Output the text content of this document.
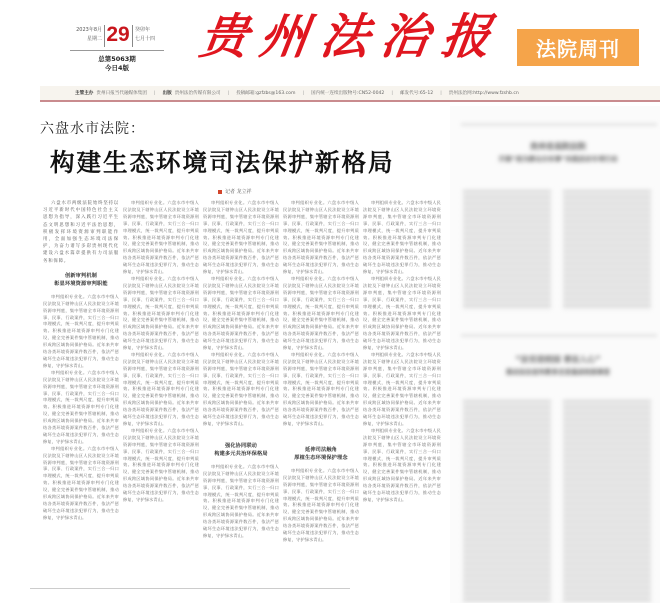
2023年8月
星期二 29 癸卯年
七月十四
总第5063期
今日4版
贵 州 法 治 报	法院周刊
主管主办 贵州日报当代融媒体集团 | 出版 贵州法治传媒有限公司 | 投稿邮箱:gzfzbs@163.com | 国内统一连续出版物号:CN52-0042 | 邮发代号:65-12 | 贵州法治网:http://www.fzshb.cn
六盘水市法院：
构建生态环境司法保护新格局
记者 龙立祥

六盘水市两级法院始终坚持以习近平新时代中国特色社会主义思想为指导，深入践行习近平生态文明思想和习近平法治思想，积极发挥环境资源审判职能作用，全面加强生态环境司法保护，为奋力谱写多彩贵州现代化建设六盘水篇章提供有力司法服务和保障。

创新审判机制
彰显环境资源审判职能

审判组织专业化。六盘水市中级人民法院及下辖钟山区人民法院设立环境资源审判庭，集中管辖全市环境资源刑事、民事、行政案件，实行三合一归口审理模式，统一裁判尺度，提升审判质效。积极推进环境资源审判专门化建设，健全完善案件集中管辖机制，推动形成跨区域协同保护格局。近年来共审结各类环境资源案件数百件，依法严惩破坏生态环境违法犯罪行为，推动生态修复，守护绿水青山。

审判组织专业化。六盘水市中级人民法院及下辖钟山区人民法院设立环境资源审判庭，集中管辖全市环境资源刑事、民事、行政案件，实行三合一归口审理模式，统一裁判尺度，提升审判质效。积极推进环境资源审判专门化建设，健全完善案件集中管辖机制，推动形成跨区域协同保护格局。近年来共审结各类环境资源案件数百件，依法严惩破坏生态环境违法犯罪行为，推动生态修复，守护绿水青山。

审判组织专业化。六盘水市中级人民法院及下辖钟山区人民法院设立环境资源审判庭，集中管辖全市环境资源刑事、民事、行政案件，实行三合一归口审理模式，统一裁判尺度，提升审判质效。积极推进环境资源审判专门化建设，健全完善案件集中管辖机制，推动形成跨区域协同保护格局。近年来共审结各类环境资源案件数百件，依法严惩破坏生态环境违法犯罪行为，推动生态修复，守护绿水青山。

审判组织专业化。六盘水市中级人民法院及下辖钟山区人民法院设立环境资源审判庭，集中管辖全市环境资源刑事、民事、行政案件，实行三合一归口审理模式，统一裁判尺度，提升审判质效。积极推进环境资源审判专门化建设，健全完善案件集中管辖机制，推动形成跨区域协同保护格局。近年来共审结各类环境资源案件数百件，依法严惩破坏生态环境违法犯罪行为，推动生态修复，守护绿水青山。

审判组织专业化。六盘水市中级人民法院及下辖钟山区人民法院设立环境资源审判庭，集中管辖全市环境资源刑事、民事、行政案件，实行三合一归口审理模式，统一裁判尺度，提升审判质效。积极推进环境资源审判专门化建设，健全完善案件集中管辖机制，推动形成跨区域协同保护格局。近年来共审结各类环境资源案件数百件，依法严惩破坏生态环境违法犯罪行为，推动生态修复，守护绿水青山。

审判组织专业化。六盘水市中级人民法院及下辖钟山区人民法院设立环境资源审判庭，集中管辖全市环境资源刑事、民事、行政案件，实行三合一归口审理模式，统一裁判尺度，提升审判质效。积极推进环境资源审判专门化建设，健全完善案件集中管辖机制，推动形成跨区域协同保护格局。近年来共审结各类环境资源案件数百件，依法严惩破坏生态环境违法犯罪行为，推动生态修复，守护绿水青山。

审判组织专业化。六盘水市中级人民法院及下辖钟山区人民法院设立环境资源审判庭，集中管辖全市环境资源刑事、民事、行政案件，实行三合一归口审理模式，统一裁判尺度，提升审判质效。积极推进环境资源审判专门化建设，健全完善案件集中管辖机制，推动形成跨区域协同保护格局。近年来共审结各类环境资源案件数百件，依法严惩破坏生态环境违法犯罪行为，推动生态修复，守护绿水青山。

审判组织专业化。六盘水市中级人民法院及下辖钟山区人民法院设立环境资源审判庭，集中管辖全市环境资源刑事、民事、行政案件，实行三合一归口审理模式，统一裁判尺度，提升审判质效。积极推进环境资源审判专门化建设，健全完善案件集中管辖机制，推动形成跨区域协同保护格局。近年来共审结各类环境资源案件数百件，依法严惩破坏生态环境违法犯罪行为，推动生态修复，守护绿水青山。

审判组织专业化。六盘水市中级人民法院及下辖钟山区人民法院设立环境资源审判庭，集中管辖全市环境资源刑事、民事、行政案件，实行三合一归口审理模式，统一裁判尺度，提升审判质效。积极推进环境资源审判专门化建设，健全完善案件集中管辖机制，推动形成跨区域协同保护格局。近年来共审结各类环境资源案件数百件，依法严惩破坏生态环境违法犯罪行为，推动生态修复，守护绿水青山。

审判组织专业化。六盘水市中级人民法院及下辖钟山区人民法院设立环境资源审判庭，集中管辖全市环境资源刑事、民事、行政案件，实行三合一归口审理模式，统一裁判尺度，提升审判质效。积极推进环境资源审判专门化建设，健全完善案件集中管辖机制，推动形成跨区域协同保护格局。近年来共审结各类环境资源案件数百件，依法严惩破坏生态环境违法犯罪行为，推动生态修复，守护绿水青山。

强化协同联动
构建多元共治环保格局

审判组织专业化。六盘水市中级人民法院及下辖钟山区人民法院设立环境资源审判庭，集中管辖全市环境资源刑事、民事、行政案件，实行三合一归口审理模式，统一裁判尺度，提升审判质效。积极推进环境资源审判专门化建设，健全完善案件集中管辖机制，推动形成跨区域协同保护格局。近年来共审结各类环境资源案件数百件，依法严惩破坏生态环境违法犯罪行为，推动生态修复，守护绿水青山。

审判组织专业化。六盘水市中级人民法院及下辖钟山区人民法院设立环境资源审判庭，集中管辖全市环境资源刑事、民事、行政案件，实行三合一归口审理模式，统一裁判尺度，提升审判质效。积极推进环境资源审判专门化建设，健全完善案件集中管辖机制，推动形成跨区域协同保护格局。近年来共审结各类环境资源案件数百件，依法严惩破坏生态环境违法犯罪行为，推动生态修复，守护绿水青山。

审判组织专业化。六盘水市中级人民法院及下辖钟山区人民法院设立环境资源审判庭，集中管辖全市环境资源刑事、民事、行政案件，实行三合一归口审理模式，统一裁判尺度，提升审判质效。积极推进环境资源审判专门化建设，健全完善案件集中管辖机制，推动形成跨区域协同保护格局。近年来共审结各类环境资源案件数百件，依法严惩破坏生态环境违法犯罪行为，推动生态修复，守护绿水青山。

审判组织专业化。六盘水市中级人民法院及下辖钟山区人民法院设立环境资源审判庭，集中管辖全市环境资源刑事、民事、行政案件，实行三合一归口审理模式，统一裁判尺度，提升审判质效。积极推进环境资源审判专门化建设，健全完善案件集中管辖机制，推动形成跨区域协同保护格局。近年来共审结各类环境资源案件数百件，依法严惩破坏生态环境违法犯罪行为，推动生态修复，守护绿水青山。

延伸司法触角
厚植生态环境保护理念

审判组织专业化。六盘水市中级人民法院及下辖钟山区人民法院设立环境资源审判庭，集中管辖全市环境资源刑事、民事、行政案件，实行三合一归口审理模式，统一裁判尺度，提升审判质效。积极推进环境资源审判专门化建设，健全完善案件集中管辖机制，推动形成跨区域协同保护格局。近年来共审结各类环境资源案件数百件，依法严惩破坏生态环境违法犯罪行为，推动生态修复，守护绿水青山。

审判组织专业化。六盘水市中级人民法院及下辖钟山区人民法院设立环境资源审判庭，集中管辖全市环境资源刑事、民事、行政案件，实行三合一归口审理模式，统一裁判尺度，提升审判质效。积极推进环境资源审判专门化建设，健全完善案件集中管辖机制，推动形成跨区域协同保护格局。近年来共审结各类环境资源案件数百件，依法严惩破坏生态环境违法犯罪行为，推动生态修复，守护绿水青山。

审判组织专业化。六盘水市中级人民法院及下辖钟山区人民法院设立环境资源审判庭，集中管辖全市环境资源刑事、民事、行政案件，实行三合一归口审理模式，统一裁判尺度，提升审判质效。积极推进环境资源审判专门化建设，健全完善案件集中管辖机制，推动形成跨区域协同保护格局。近年来共审结各类环境资源案件数百件，依法严惩破坏生态环境违法犯罪行为，推动生态修复，守护绿水青山。

审判组织专业化。六盘水市中级人民法院及下辖钟山区人民法院设立环境资源审判庭，集中管辖全市环境资源刑事、民事、行政案件，实行三合一归口审理模式，统一裁判尺度，提升审判质效。积极推进环境资源审判专门化建设，健全完善案件集中管辖机制，推动形成跨区域协同保护格局。近年来共审结各类环境资源案件数百件，依法严惩破坏生态环境违法犯罪行为，推动生态修复，守护绿水青山。

审判组织专业化。六盘水市中级人民法院及下辖钟山区人民法院设立环境资源审判庭，集中管辖全市环境资源刑事、民事、行政案件，实行三合一归口审理模式，统一裁判尺度，提升审判质效。积极推进环境资源审判专门化建设，健全完善案件集中管辖机制，推动形成跨区域协同保护格局。近年来共审结各类环境资源案件数百件，依法严惩破坏生态环境违法犯罪行为，推动生态修复，守护绿水青山。

贵州省高院法院
开展“我为群众办实事”实践活动专项行动
“法官进校园 普法入心”
推动法治宣传教育走进基层校园课堂
